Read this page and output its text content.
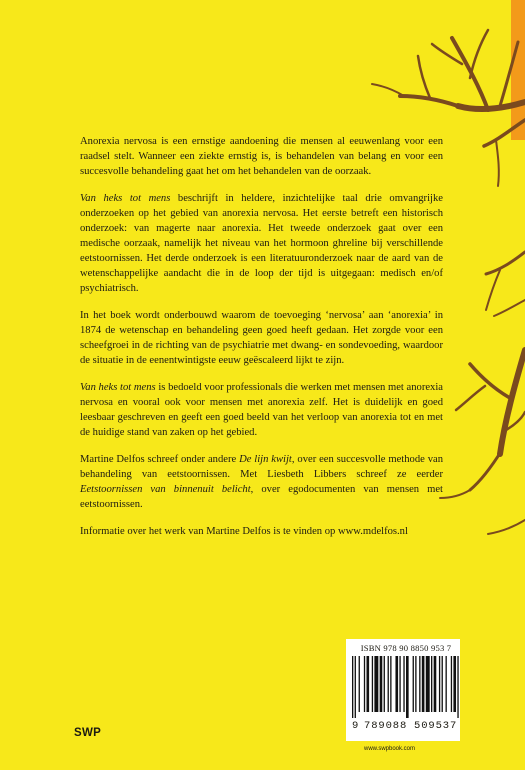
Anorexia nervosa is een ernstige aandoening die mensen al eeuwenlang voor een raadsel stelt. Wanneer een ziekte ernstig is, is behandelen van belang en voor een succesvolle behandeling gaat het om het behandelen van de oorzaak.

Van heks tot mens beschrijft in heldere, inzichtelijke taal drie omvangrijke onderzoeken op het gebied van anorexia nervosa. Het eerste betreft een historisch onderzoek: van magerte naar anorexia. Het tweede onderzoek gaat over een medische oorzaak, namelijk het niveau van het hormoon ghreline bij verschillende eetstoornissen. Het derde onderzoek is een literatuuronderzoek naar de aard van de wetenschappelijke aandacht die in de loop der tijd is uitgegaan: medisch en/of psychiatrisch.

In het boek wordt onderbouwd waarom de toevoeging ‘nervosa’ aan ‘anorexia’ in 1874 de wetenschap en behandeling geen goed heeft gedaan. Het zorgde voor een scheefgroei in de richting van de psychiatrie met dwang- en sondevoeding, waardoor de situatie in de eenentwintigste eeuw geëscaleerd lijkt te zijn.

Van heks tot mens is bedoeld voor professionals die werken met mensen met anorexia nervosa en vooral ook voor mensen met anorexia zelf. Het is duidelijk en goed leesbaar geschreven en geeft een goed beeld van het verloop van anorexia tot en met de huidige stand van zaken op het gebied.

Martine Delfos schreef onder andere De lijn kwijt, over een succesvolle methode van behandeling van eetstoornissen. Met Liesbeth Libbers schreef ze eerder Eetstoornissen van binnenuit belicht, over egodocumenten van mensen met eetstoornissen.

Informatie over het werk van Martine Delfos is te vinden op www.mdelfos.nl

ISBN 978 90 8850 953 7
9 789088 509537
SWP
www.swpbook.com
